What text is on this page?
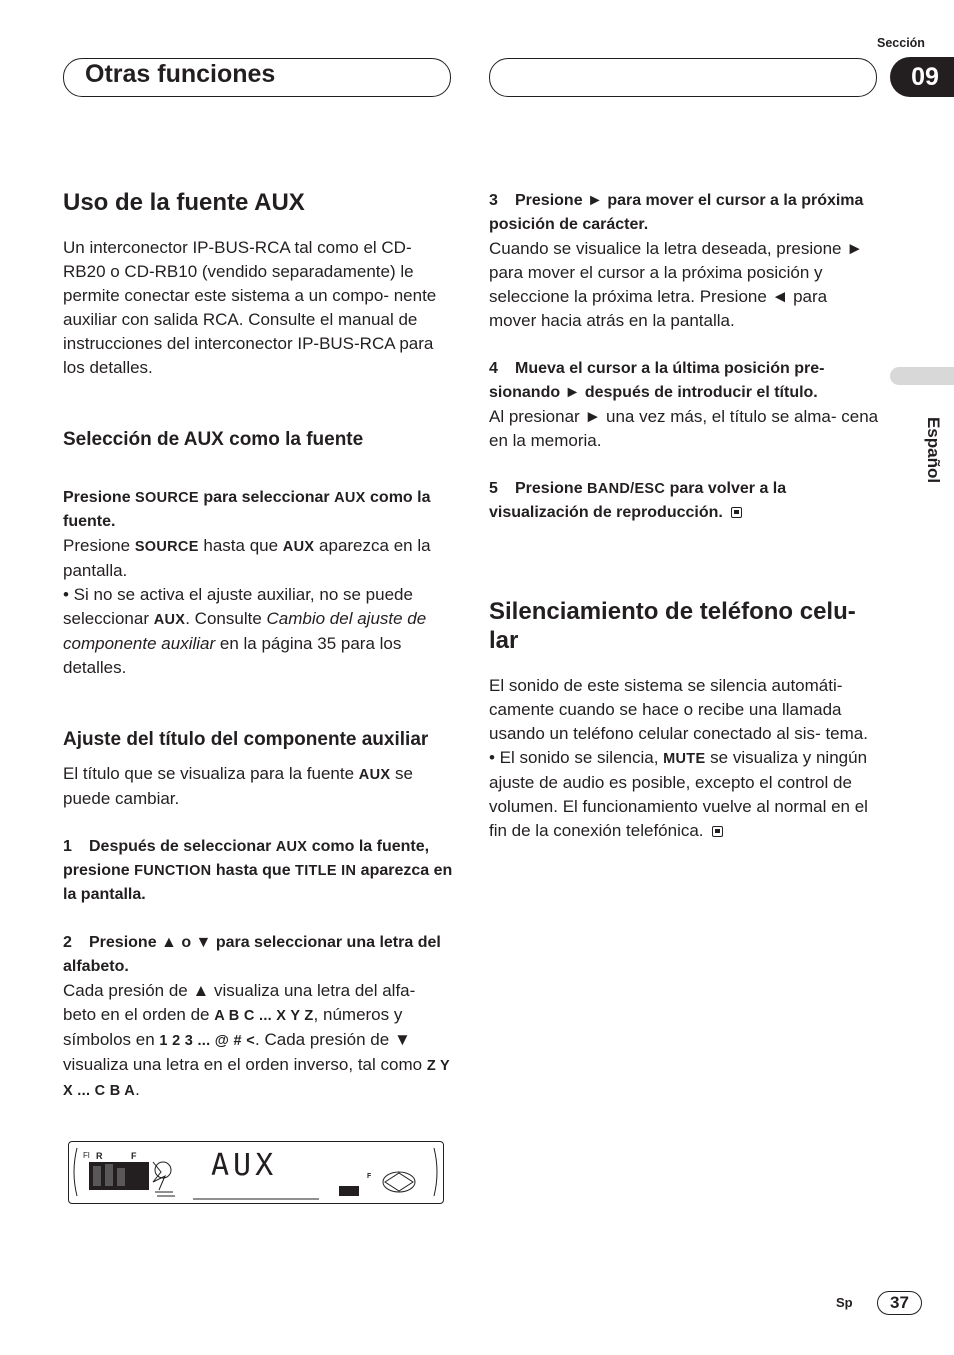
Otras funciones
Sección
09
Español

Uso de la fuente AUX

Un interconector IP-BUS-RCA tal como el CD-RB20 o CD-RB10 (vendido separadamente) le permite conectar este sistema a un compo- nente auxiliar con salida RCA. Consulte el manual de instrucciones del interconector IP-BUS-RCA para los detalles.

Selección de AUX como la fuente

Presione SOURCE para seleccionar AUX como la fuente.

Presione SOURCE hasta que AUX aparezca en la pantalla.

• Si no se activa el ajuste auxiliar, no se puede seleccionar AUX. Consulte Cambio del ajuste de componente auxiliar en la página 35 para los detalles.

Ajuste del título del componente auxiliar

El título que se visualiza para la fuente AUX se puede cambiar.

1 Después de seleccionar AUX como la fuente, presione FUNCTION hasta que TITLE IN aparezca en la pantalla.

2 Presione ▲ o ▼ para seleccionar una letra del alfabeto.

Cada presión de ▲ visualiza una letra del alfa- beto en el orden de A B C ... X Y Z, números y símbolos en 1 2 3 ... @ # <. Cada presión de ▼ visualiza una letra en el orden inverso, tal como Z Y X ... C B A.

Fl R	F
F
AUX

3 Presione ► para mover el cursor a la próxima posición de carácter.

Cuando se visualice la letra deseada, presione ► para mover el cursor a la próxima posición y seleccione la próxima letra. Presione ◄ para mover hacia atrás en la pantalla.

4 Mueva el cursor a la última posición pre- sionando ► después de introducir el título.

Al presionar ► una vez más, el título se alma- cena en la memoria.

5 Presione BAND/ESC para volver a la visualización de reproducción.

Silenciamiento de teléfono celu- lar

El sonido de este sistema se silencia automáti- camente cuando se hace o recibe una llamada usando un teléfono celular conectado al sis- tema.

• El sonido se silencia, MUTE se visualiza y ningún ajuste de audio es posible, excepto el control de volumen. El funcionamiento vuelve al normal en el fin de la conexión telefónica.

Sp	37
